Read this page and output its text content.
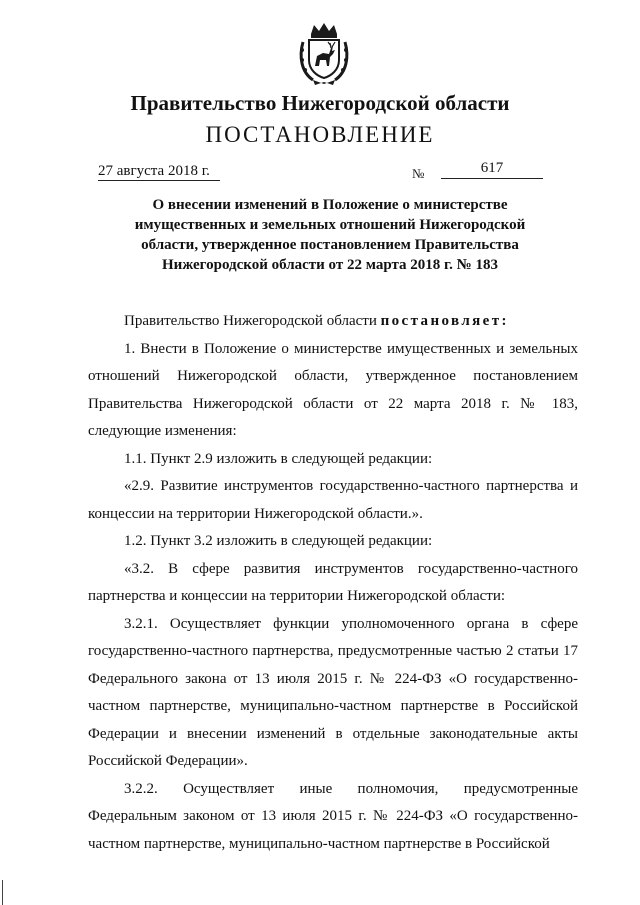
Правительство Нижегородской области
ПОСТАНОВЛЕНИЕ
27 августа 2018 г.	№	617
О внесении изменений в Положение о министерстве
имущественных и земельных отношений Нижегородской
области, утвержденное постановлением Правительства
Нижегородской области от 22 марта 2018 г. № 183

Правительство Нижегородской области постановляет:

1. Внести в Положение о министерстве имущественных и земельных отношений Нижегородской области, утвержденное постановлением Правительства Нижегородской области от 22 марта 2018 г. № 183, следующие изменения:

1.1. Пункт 2.9 изложить в следующей редакции:

«2.9. Развитие инструментов государственно-частного партнерства и концессии на территории Нижегородской области.».

1.2. Пункт 3.2 изложить в следующей редакции:

«3.2. В сфере развития инструментов государственно-частного партнерства и концессии на территории Нижегородской области:

3.2.1. Осуществляет функции уполномоченного органа в сфере государственно-частного партнерства, предусмотренные частью 2 статьи 17 Федерального закона от 13 июля 2015 г. № 224-ФЗ «О государственно-частном партнерстве, муниципально-частном партнерстве в Российской Федерации и внесении изменений в отдельные законодательные акты Российской Федерации».

3.2.2. Осуществляет иные полномочия, предусмотренные Федеральным законом от 13 июля 2015 г. № 224-ФЗ «О государственно-частном партнерстве, муниципально-частном партнерстве в Российской
